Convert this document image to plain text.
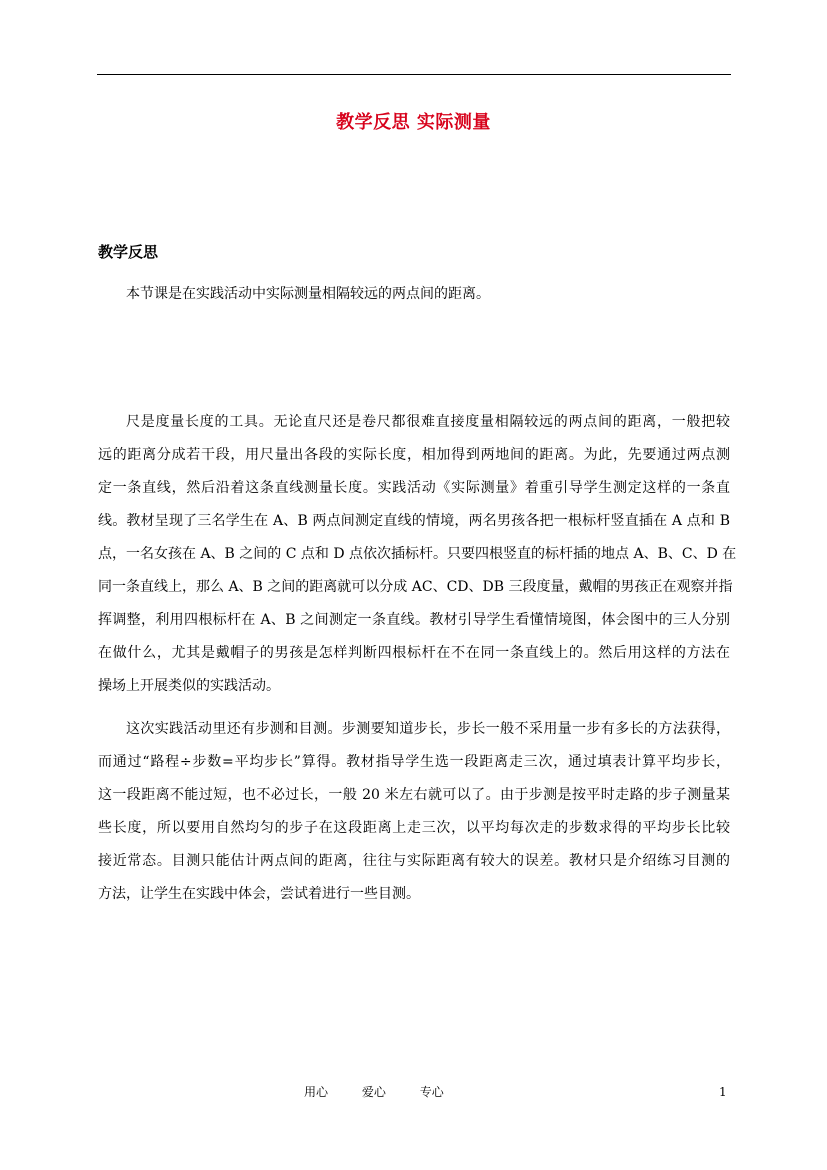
教学反思 实际测量
教学反思
本节课是在实践活动中实际测量相隔较远的两点间的距离。
尺是度量长度的工具。无论直尺还是卷尺都很难直接度量相隔较远的两点间的距离，一般把较
远的距离分成若干段，用尺量出各段的实际长度，相加得到两地间的距离。为此，先要通过两点测
定一条直线，然后沿着这条直线测量长度。实践活动《实际测量》着重引导学生测定这样的一条直
线。教材呈现了三名学生在 A、B 两点间测定直线的情境，两名男孩各把一根标杆竖直插在 A 点和 B
点，一名女孩在 A、B 之间的 C 点和 D 点依次插标杆。只要四根竖直的标杆插的地点 A、B、C、D 在
同一条直线上，那么 A、B 之间的距离就可以分成 AC、CD、DB 三段度量，戴帽的男孩正在观察并指
挥调整，利用四根标杆在 A、B 之间测定一条直线。教材引导学生看懂情境图，体会图中的三人分别
在做什么，尤其是戴帽子的男孩是怎样判断四根标杆在不在同一条直线上的。然后用这样的方法在
操场上开展类似的实践活动。
这次实践活动里还有步测和目测。步测要知道步长，步长一般不采用量一步有多长的方法获得，
而通过“路程÷步数=平均步长”算得。教材指导学生选一段距离走三次，通过填表计算平均步长，
这一段距离不能过短，也不必过长，一般 20 米左右就可以了。由于步测是按平时走路的步子测量某
些长度，所以要用自然均匀的步子在这段距离上走三次，以平均每次走的步数求得的平均步长比较
接近常态。目测只能估计两点间的距离，往往与实际距离有较大的误差。教材只是介绍练习目测的
方法，让学生在实践中体会，尝试着进行一些目测。
用心	爱心	专心	1
